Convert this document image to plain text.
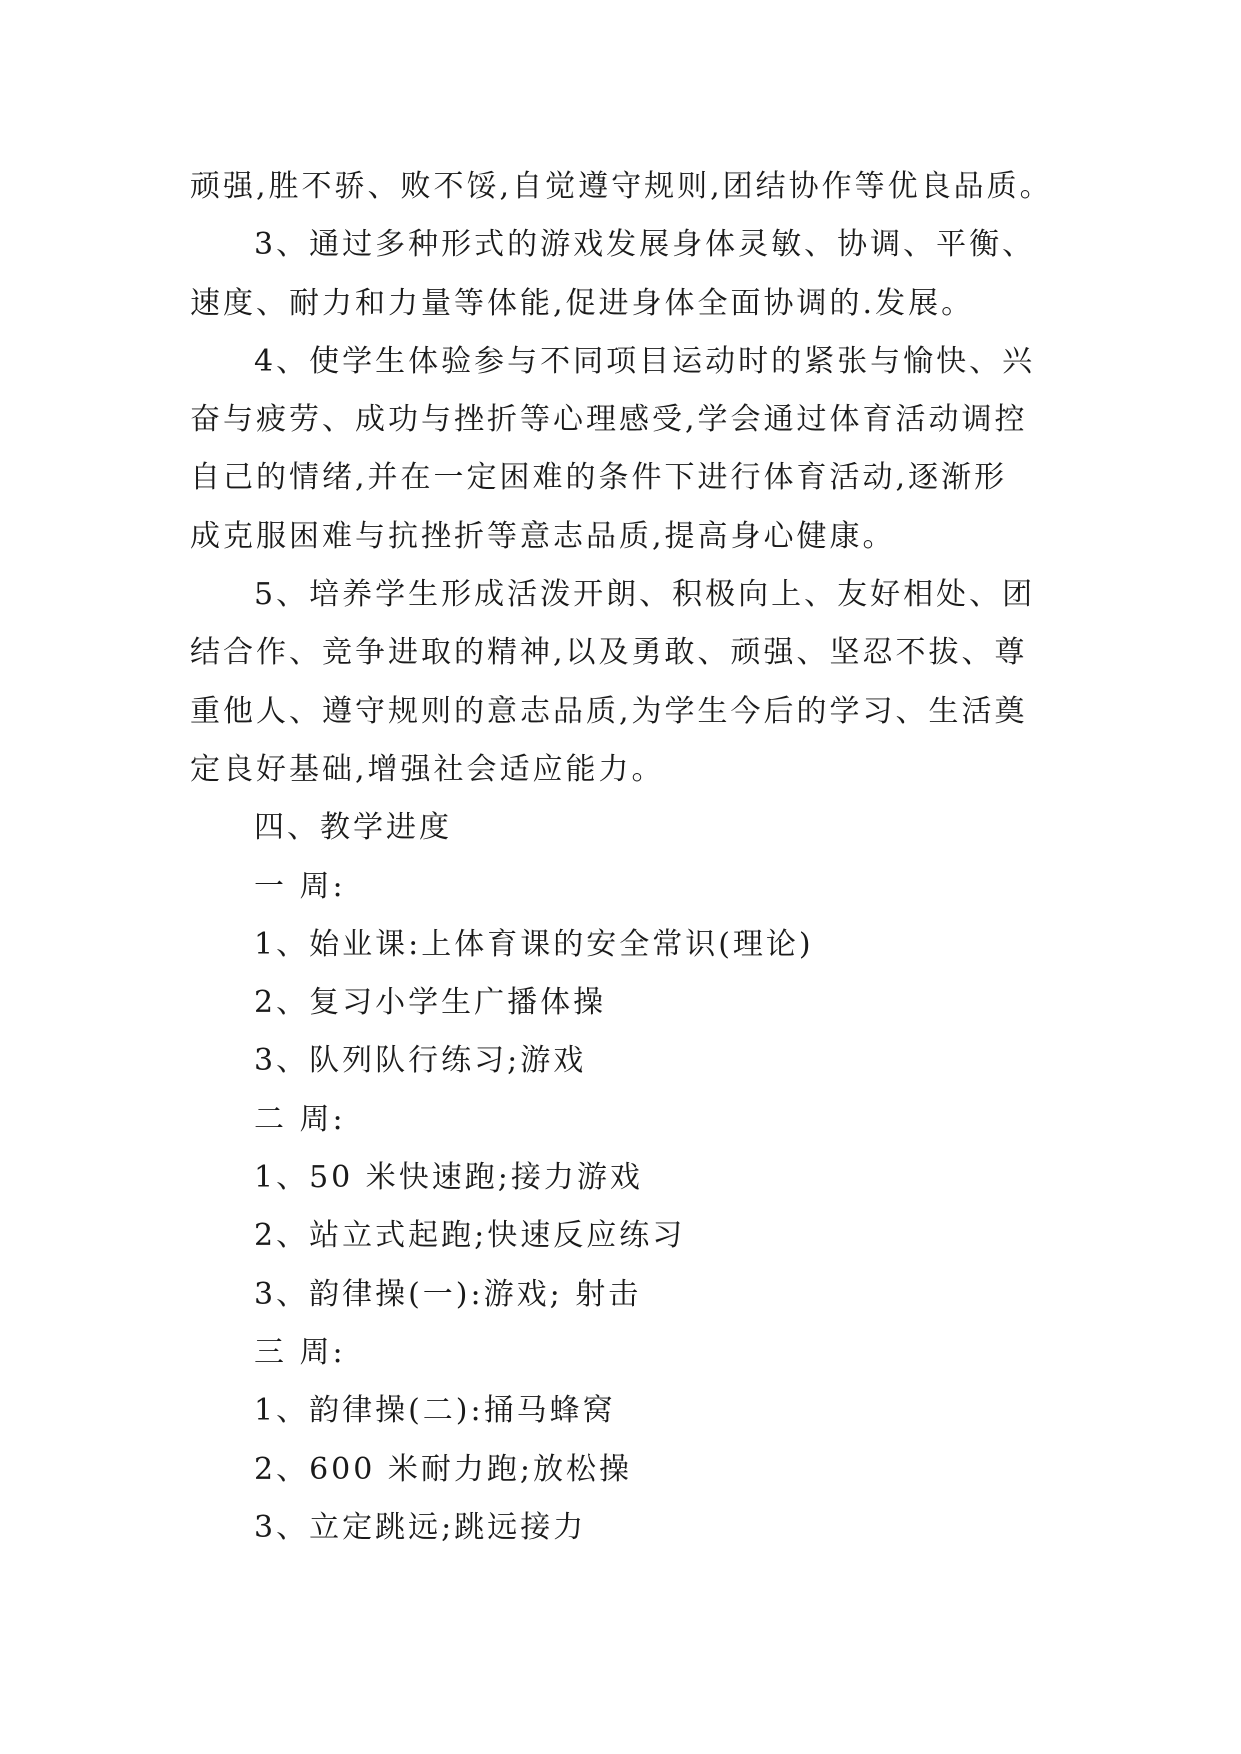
顽强,胜不骄、败不馁,自觉遵守规则,团结协作等优良品质。
3、通过多种形式的游戏发展身体灵敏、协调、平衡、
速度、耐力和力量等体能,促进身体全面协调的.发展。
4、使学生体验参与不同项目运动时的紧张与愉快、兴
奋与疲劳、成功与挫折等心理感受,学会通过体育活动调控
自己的情绪,并在一定困难的条件下进行体育活动,逐渐形
成克服困难与抗挫折等意志品质,提高身心健康。
5、培养学生形成活泼开朗、积极向上、友好相处、团
结合作、竞争进取的精神,以及勇敢、顽强、坚忍不拔、尊
重他人、遵守规则的意志品质,为学生今后的学习、生活奠
定良好基础,增强社会适应能力。
四、教学进度
一 周:
1、始业课:上体育课的安全常识(理论)
2、复习小学生广播体操
3、队列队行练习;游戏
二 周:
1、50 米快速跑;接力游戏
2、站立式起跑;快速反应练习
3、韵律操(一):游戏; 射击
三 周:
1、韵律操(二):捅马蜂窝
2、600 米耐力跑;放松操
3、立定跳远;跳远接力
